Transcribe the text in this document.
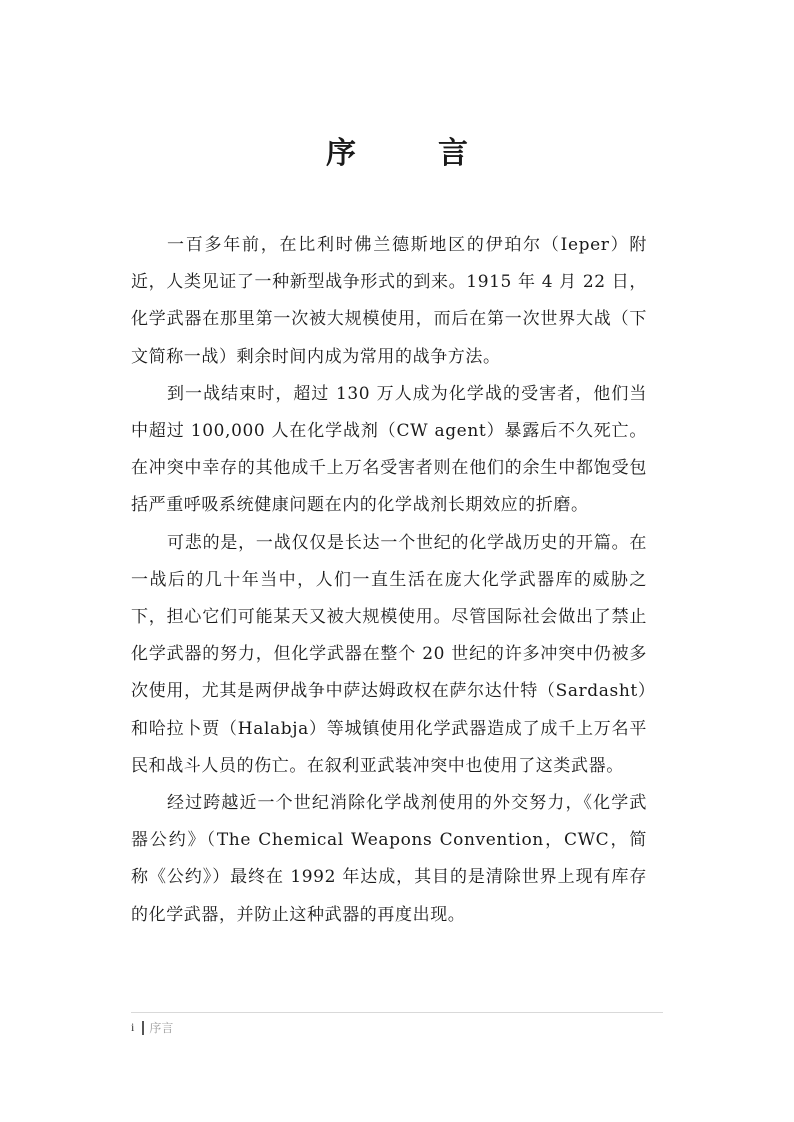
序　言

一百多年前，在比利时佛兰德斯地区的伊珀尔（Ieper）附近，人类见证了一种新型战争形式的到来。1915 年 4 月 22 日，化学武器在那里第一次被大规模使用，而后在第一次世界大战（下文简称一战）剩余时间内成为常用的战争方法。

到一战结束时，超过 130 万人成为化学战的受害者，他们当中超过 100,000 人在化学战剂（CW agent）暴露后不久死亡。在冲突中幸存的其他成千上万名受害者则在他们的余生中都饱受包括严重呼吸系统健康问题在内的化学战剂长期效应的折磨。

可悲的是，一战仅仅是长达一个世纪的化学战历史的开篇。在一战后的几十年当中，人们一直生活在庞大化学武器库的威胁之下，担心它们可能某天又被大规模使用。尽管国际社会做出了禁止化学武器的努力，但化学武器在整个 20 世纪的许多冲突中仍被多次使用，尤其是两伊战争中萨达姆政权在萨尔达什特（Sardasht）和哈拉卜贾（Halabja）等城镇使用化学武器造成了成千上万名平民和战斗人员的伤亡。在叙利亚武装冲突中也使用了这类武器。

经过跨越近一个世纪消除化学战剂使用的外交努力，《化学武器公约》（The Chemical Weapons Convention，CWC，简称《公约》）最终在 1992 年达成，其目的是清除世界上现有库存的化学武器，并防止这种武器的再度出现。

i 序言
